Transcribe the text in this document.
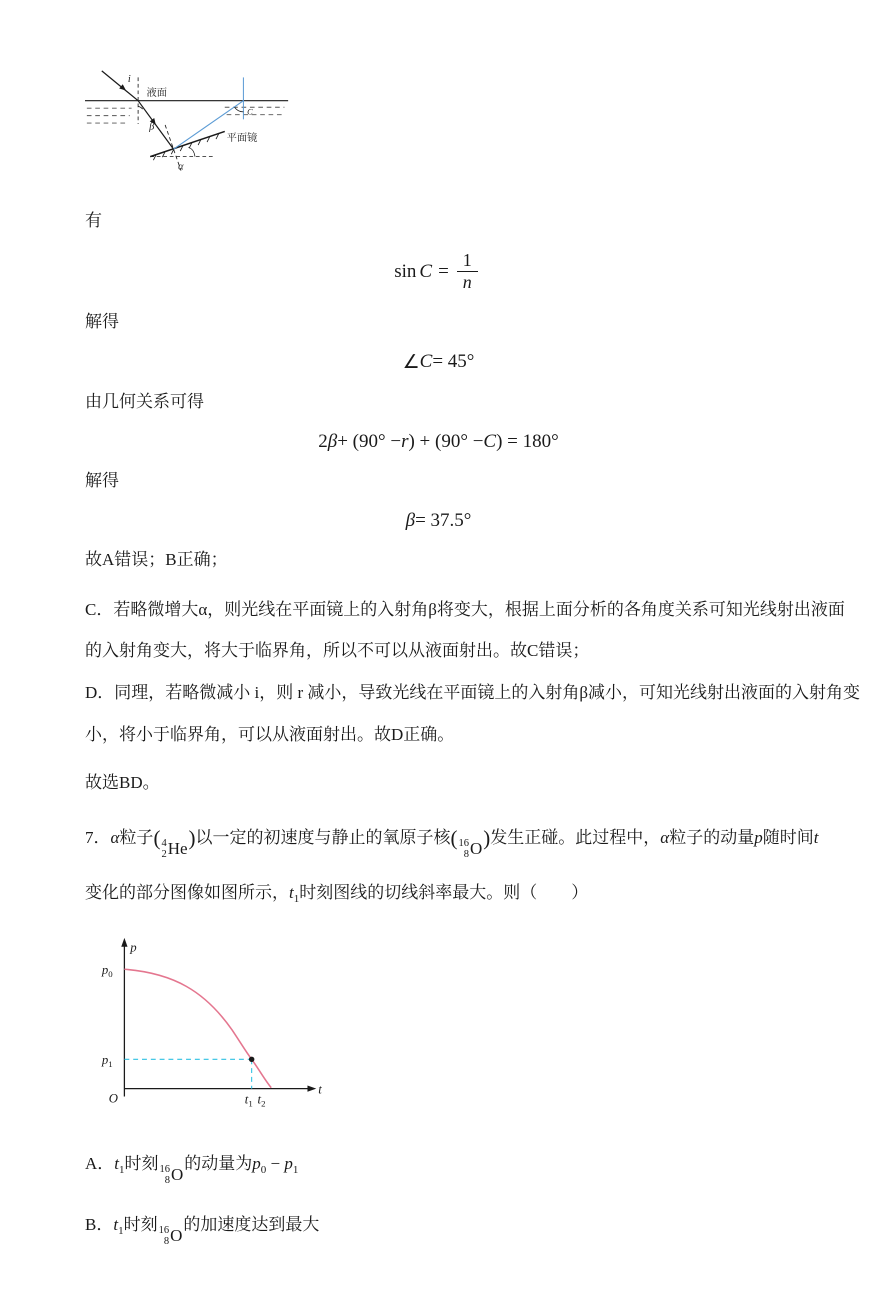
i
液面
β
平面镜
α
C
有
$\sin C = \frac{1}{n}$
解得
∠ C = 45°
由几何关系可得
2 β + (90° − r ) + (90° − C ) = 180°
解得
β = 37.5°
故A错误；B正确；
C．若略微增大α，则光线在平面镜上的入射角β将变大，根据上面分析的各角度关系可知光线射出液面
的入射角变大，将大于临界角，所以不可以从液面射出。故C错误；
D．同理，若略微减小 i，则 r 减小，导致光线在平面镜上的入射角β减小，可知光线射出液面的入射角变
小，将小于临界角，可以从液面射出。故D正确。
故选BD。
7．α粒子( 4
2 He )以一定的初速度与静止的氧原子核( 16
8 O )发生正碰。此过程中，α粒子的动量p随时间t
变化的部分图像如图所示，$t_1$时刻图线的切线斜率最大。则（　　）
p
t
O
$p_0$
$p_1$
$t_1$ $t_2$
A．$t_1$时刻 16
8 O
的动量为$p_0 - p_1$
B．$t_1$时刻 16
8 O
的加速度达到最大
